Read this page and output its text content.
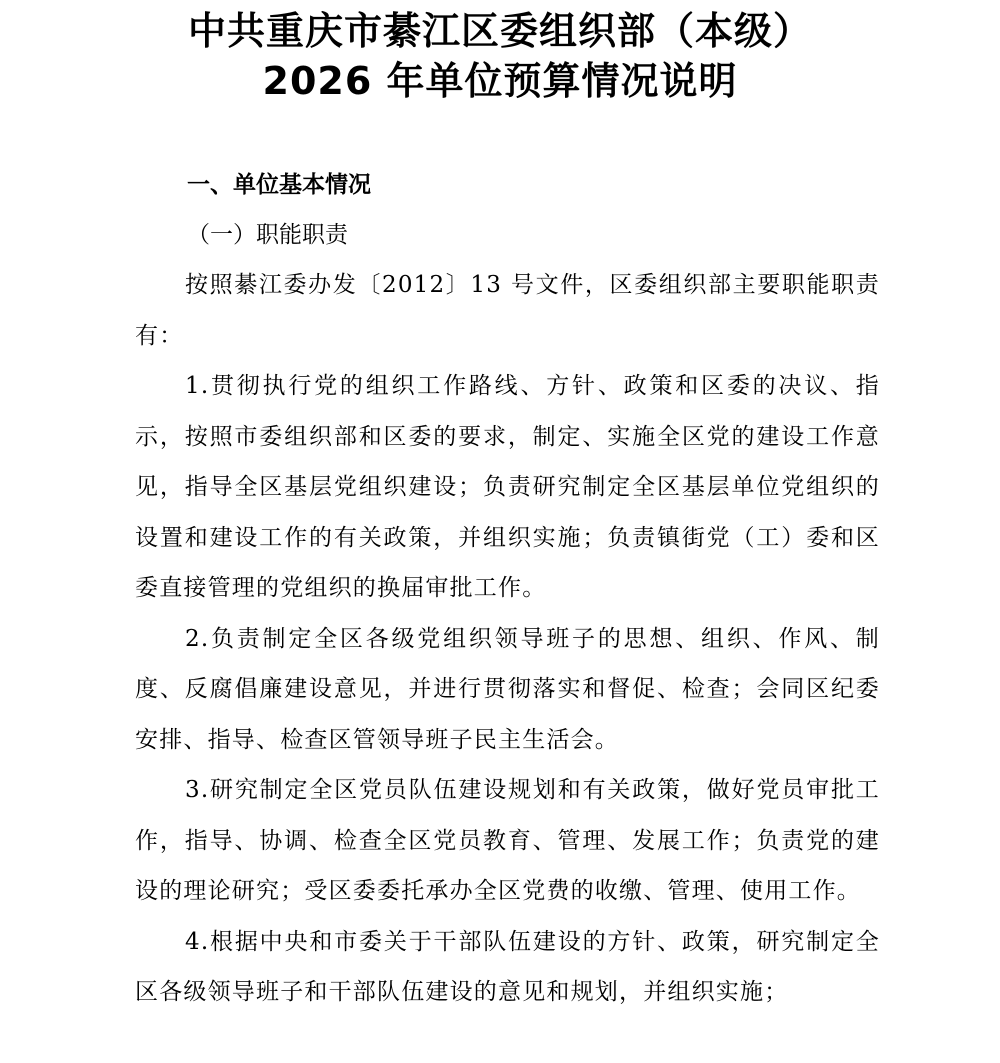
中共重庆市綦江区委组织部（本级）
2026 年单位预算情况说明

一、单位基本情况

（一）职能职责

按照綦江委办发〔2012〕13 号文件，区委组织部主要职能职责有：

1.贯彻执行党的组织工作路线、方针、政策和区委的决议、指示，按照市委组织部和区委的要求，制定、实施全区党的建设工作意见，指导全区基层党组织建设；负责研究制定全区基层单位党组织的设置和建设工作的有关政策，并组织实施；负责镇街党（工）委和区委直接管理的党组织的换届审批工作。

2.负责制定全区各级党组织领导班子的思想、组织、作风、制度、反腐倡廉建设意见，并进行贯彻落实和督促、检查；会同区纪委安排、指导、检查区管领导班子民主生活会。

3.研究制定全区党员队伍建设规划和有关政策，做好党员审批工作，指导、协调、检查全区党员教育、管理、发展工作；负责党的建设的理论研究；受区委委托承办全区党费的收缴、管理、使用工作。

4.根据中央和市委关于干部队伍建设的方针、政策，研究制定全区各级领导班子和干部队伍建设的意见和规划，并组织实施；
